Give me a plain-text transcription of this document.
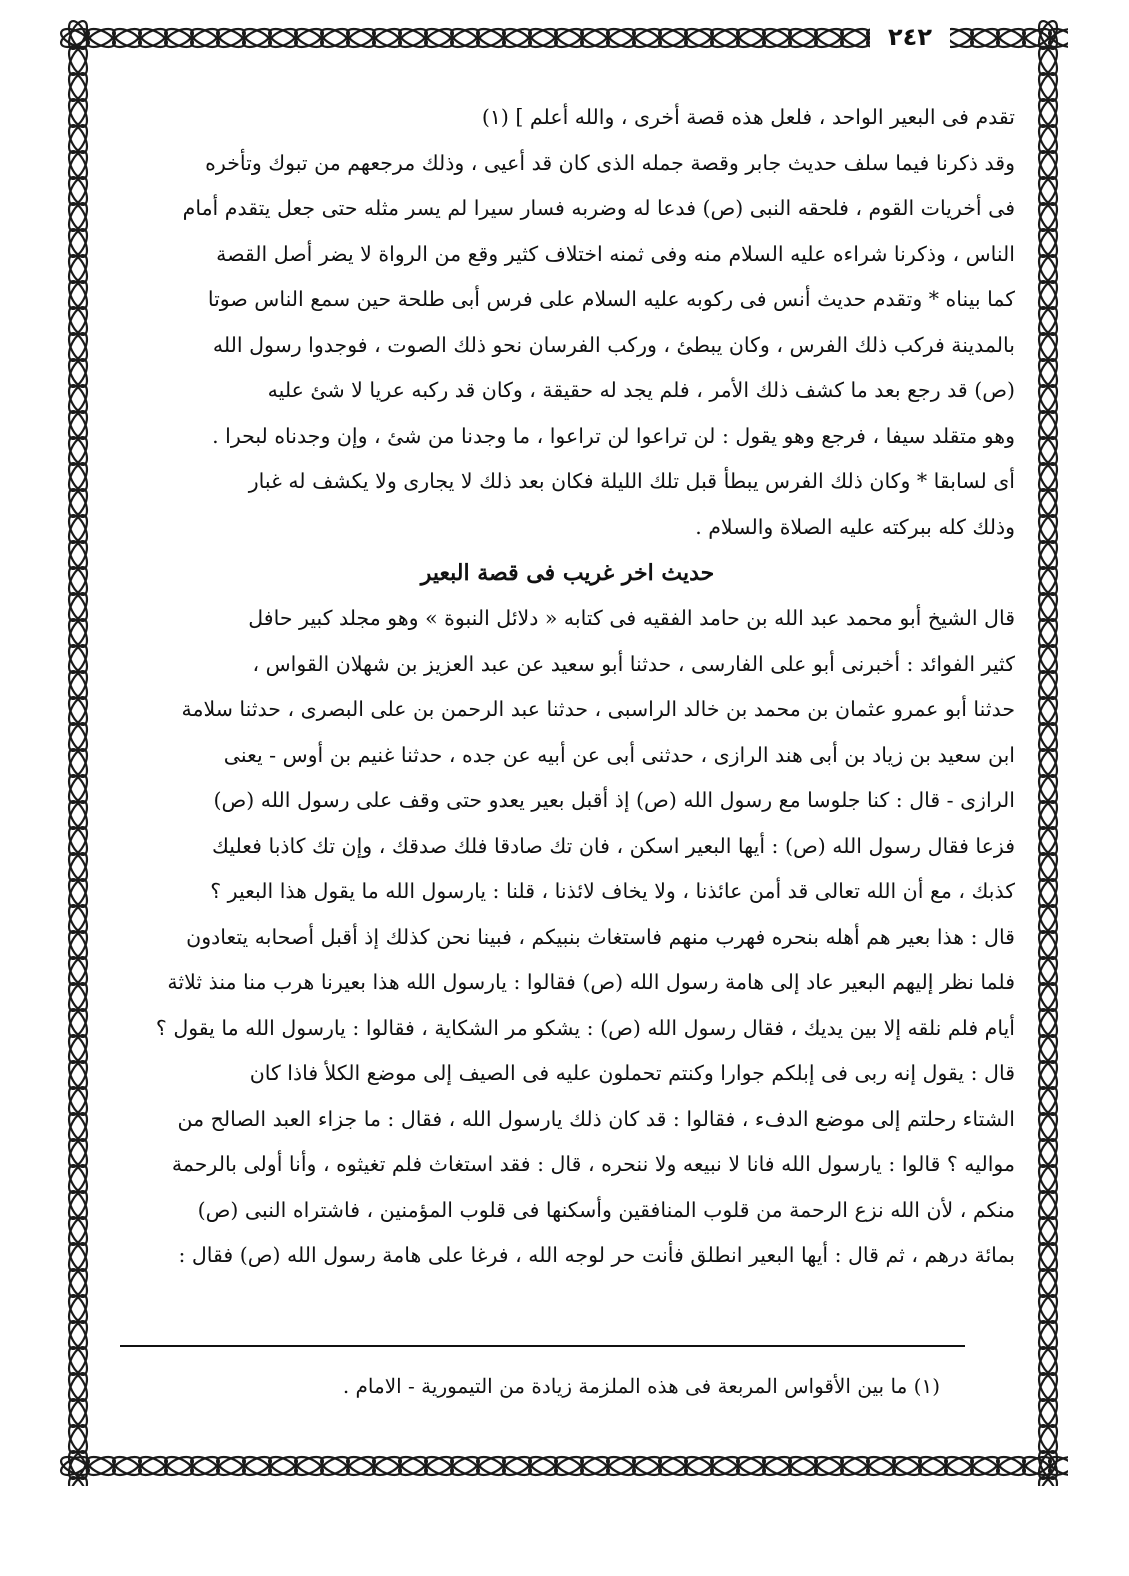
٢٤٢
تقدم فى البعير الواحد ، فلعل هذه قصة أخرى ، والله أعلم ] (١)
وقد ذكرنا فيما سلف حديث جابر وقصة جمله الذى كان قد أعيى ، وذلك مرجعهم من تبوك وتأخره
فى أخريات القوم ، فلحقه النبى (ص) فدعا له وضربه فسار سيرا لم يسر مثله حتى جعل يتقدم أمام
الناس ، وذكرنا شراءه عليه السلام منه وفى ثمنه اختلاف كثير وقع من الرواة لا يضر أصل القصة
كما بيناه * وتقدم حديث أنس فى ركوبه عليه السلام على فرس أبى طلحة حين سمع الناس صوتا
بالمدينة فركب ذلك الفرس ، وكان يبطئ ، وركب الفرسان نحو ذلك الصوت ، فوجدوا رسول الله
(ص) قد رجع بعد ما كشف ذلك الأمر ، فلم يجد له حقيقة ، وكان قد ركبه عريا لا شئ عليه
وهو متقلد سيفا ، فرجع وهو يقول : لن تراعوا لن تراعوا ، ما وجدنا من شئ ، وإن وجدناه لبحرا .
أى لسابقا * وكان ذلك الفرس يبطأ قبل تلك الليلة فكان بعد ذلك لا يجارى ولا يكشف له غبار
وذلك كله ببركته عليه الصلاة والسلام .
حديث اخر غريب فى قصة البعير
قال الشيخ أبو محمد عبد الله بن حامد الفقيه فى كتابه « دلائل النبوة » وهو مجلد كبير حافل
كثير الفوائد : أخبرنى أبو على الفارسى ، حدثنا أبو سعيد عن عبد العزيز بن شهلان القواس ،
حدثنا أبو عمرو عثمان بن محمد بن خالد الراسبى ، حدثنا عبد الرحمن بن على البصرى ، حدثنا سلامة
ابن سعيد بن زياد بن أبى هند الرازى ، حدثنى أبى عن أبيه عن جده ، حدثنا غنيم بن أوس - يعنى
الرازى - قال : كنا جلوسا مع رسول الله (ص) إذ أقبل بعير يعدو حتى وقف على رسول الله (ص)
فزعا فقال رسول الله (ص) : أيها البعير اسكن ، فان تك صادقا فلك صدقك ، وإن تك كاذبا فعليك
كذبك ، مع أن الله تعالى قد أمن عائذنا ، ولا يخاف لائذنا ، قلنا : يارسول الله ما يقول هذا البعير ؟
قال : هذا بعير هم أهله بنحره فهرب منهم فاستغاث بنبيكم ، فبينا نحن كذلك إذ أقبل أصحابه يتعادون
فلما نظر إليهم البعير عاد إلى هامة رسول الله (ص) فقالوا : يارسول الله هذا بعيرنا هرب منا منذ ثلاثة
أيام فلم نلقه إلا بين يديك ، فقال رسول الله (ص) : يشكو مر الشكاية ، فقالوا : يارسول الله ما يقول ؟
قال : يقول إنه ربى فى إبلكم جوارا وكنتم تحملون عليه فى الصيف إلى موضع الكلأ فاذا كان
الشتاء رحلتم إلى موضع الدفء ، فقالوا : قد كان ذلك يارسول الله ، فقال : ما جزاء العبد الصالح من
مواليه ؟ قالوا : يارسول الله فانا لا نبيعه ولا ننحره ، قال : فقد استغاث فلم تغيثوه ، وأنا أولى بالرحمة
منكم ، لأن الله نزع الرحمة من قلوب المنافقين وأسكنها فى قلوب المؤمنين ، فاشتراه النبى (ص)
بمائة درهم ، ثم قال : أيها البعير انطلق فأنت حر لوجه الله ، فرغا على هامة رسول الله (ص) فقال :
(١) ما بين الأقواس المربعة فى هذه الملزمة زيادة من التيمورية - الامام .
